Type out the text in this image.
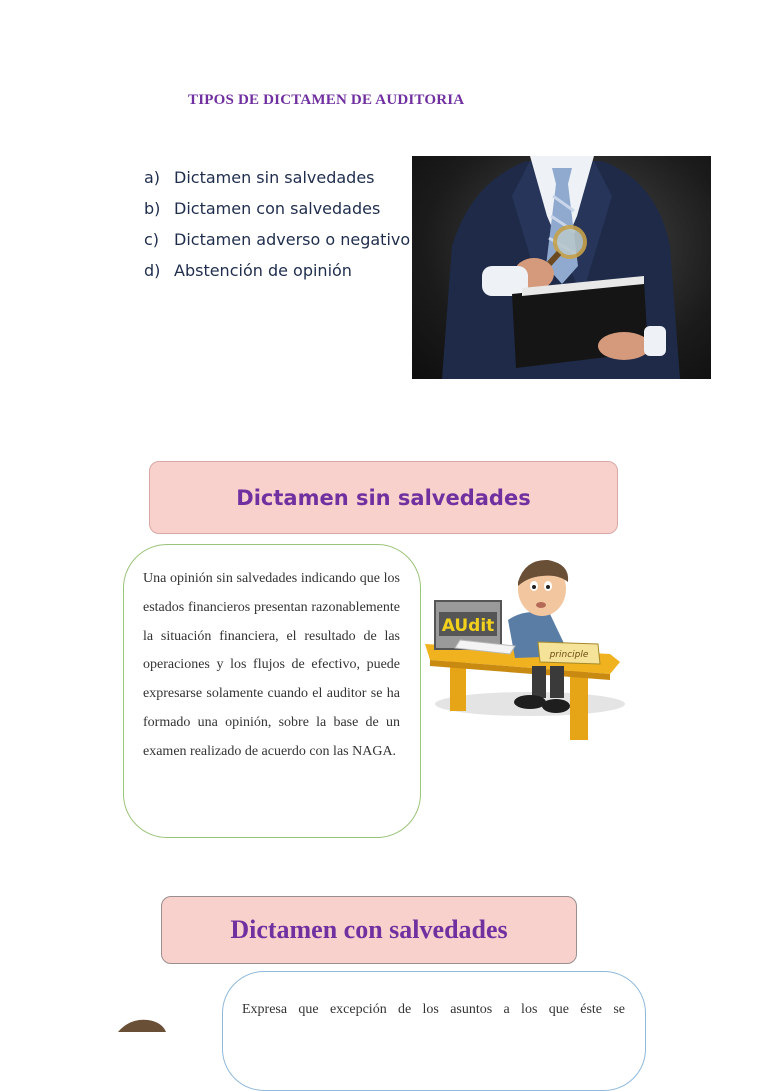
TIPOS DE DICTAMEN DE AUDITORIA
a) Dictamen sin salvedades
b) Dictamen con salvedades
c) Dictamen adverso o negativo
d) Abstención de opinión
Dictamen sin salvedades

Una opinión sin salvedades indicando que los estados financieros presentan razonablemente la situación financiera, el resultado de las operaciones y los flujos de efectivo, puede expresarse solamente cuando el auditor se ha formado una opinión, sobre la base de un examen realizado de acuerdo con las NAGA.

AUdit
principle
Dictamen con salvedades

Expresa que excepción de los asuntos a los que éste se
